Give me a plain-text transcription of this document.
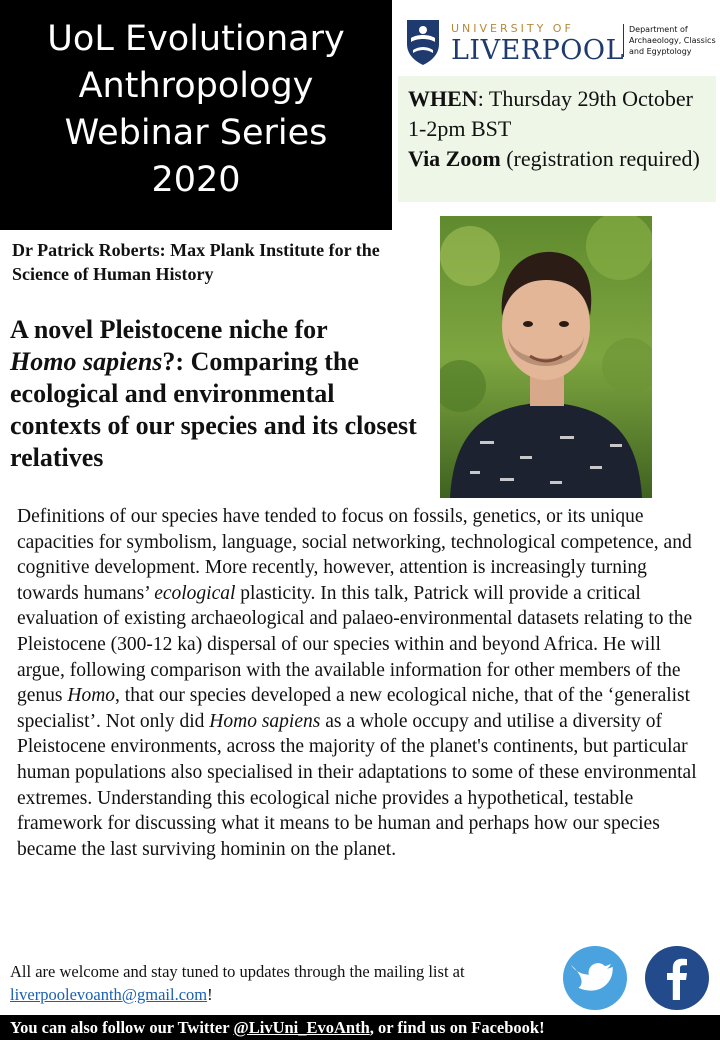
UoL Evolutionary
Anthropology
Webinar Series
2020
UNIVERSITY OF
LIVERPOOL
Department of Archaeology, Classics and Egyptology
WHEN: Thursday 29th October 1-2pm BST
Via Zoom (registration required)
Dr Patrick Roberts: Max Plank Institute for the Science of Human History
A novel Pleistocene niche for
Homo sapiens?: Comparing the ecological and environmental contexts of our species and its closest relatives
Definitions of our species have tended to focus on fossils, genetics, or its unique capacities for symbolism, language, social networking, technological competence, and cognitive development. More recently, however, attention is increasingly turning towards humans’ ecological plasticity. In this talk, Patrick will provide a critical evaluation of existing archaeological and palaeo-environmental datasets relating to the Pleistocene (300-12 ka) dispersal of our species within and beyond Africa. He will argue, following comparison with the available information for other members of the genus Homo, that our species developed a new ecological niche, that of the ‘generalist specialist’. Not only did Homo sapiens as a whole occupy and utilise a diversity of Pleistocene environments, across the majority of the planet's continents, but particular human populations also specialised in their adaptations to some of these environmental extremes. Understanding this ecological niche provides a hypothetical, testable framework for discussing what it means to be human and perhaps how our species became the last surviving hominin on the planet.
All are welcome and stay tuned to updates through the mailing list at liverpoolevoanth@gmail.com!
You can also follow our Twitter @LivUni_EvoAnth, or find us on Facebook!
